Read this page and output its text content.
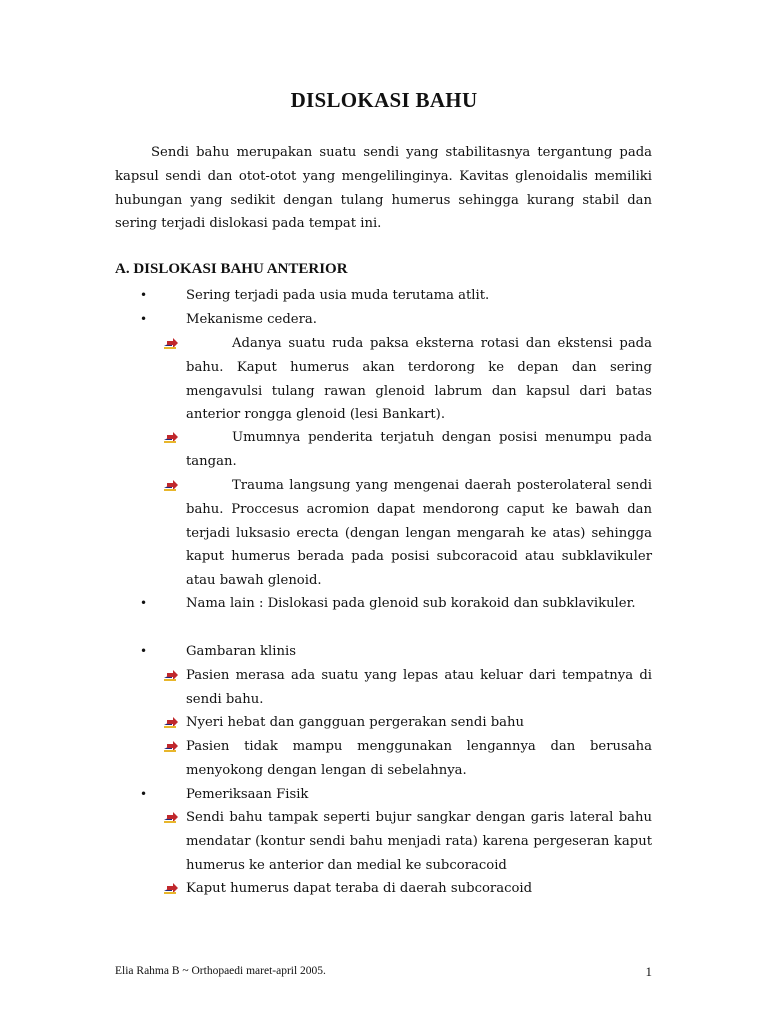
DISLOKASI BAHU
Sendi bahu merupakan suatu sendi yang stabilitasnya tergantung pada kapsul sendi dan otot-otot yang mengelilinginya. Kavitas glenoidalis memiliki hubungan yang sedikit dengan tulang humerus sehingga kurang stabil dan sering terjadi dislokasi pada tempat ini.
A. DISLOKASI BAHU ANTERIOR
•	Sering terjadi pada usia muda terutama atlit.
•	Mekanisme cedera.
Adanya suatu ruda paksa eksterna rotasi dan ekstensi pada bahu. Kaput humerus akan terdorong ke depan dan sering mengavulsi tulang rawan glenoid labrum dan kapsul dari batas anterior rongga glenoid (lesi Bankart).
Umumnya penderita terjatuh dengan posisi menumpu pada tangan.
Trauma langsung yang mengenai daerah posterolateral sendi bahu. Proccesus acromion dapat mendorong caput ke bawah dan terjadi luksasio erecta (dengan lengan mengarah ke atas) sehingga kaput humerus berada pada posisi subcoracoid atau subklavikuler atau bawah glenoid.
•	Nama lain : Dislokasi pada glenoid sub korakoid dan subklavikuler.
•	Gambaran klinis
Pasien merasa ada suatu yang lepas atau keluar dari tempatnya di sendi bahu.
Nyeri hebat dan gangguan pergerakan sendi bahu
Pasien tidak mampu menggunakan lengannya dan berusaha menyokong dengan lengan di sebelahnya.
•	Pemeriksaan Fisik
Sendi bahu tampak seperti bujur sangkar dengan garis lateral bahu mendatar (kontur sendi bahu menjadi rata) karena pergeseran kaput humerus ke anterior dan medial ke subcoracoid
Kaput humerus dapat teraba di daerah subcoracoid
Elia Rahma B ~ Orthopaedi maret-april 2005.	1
